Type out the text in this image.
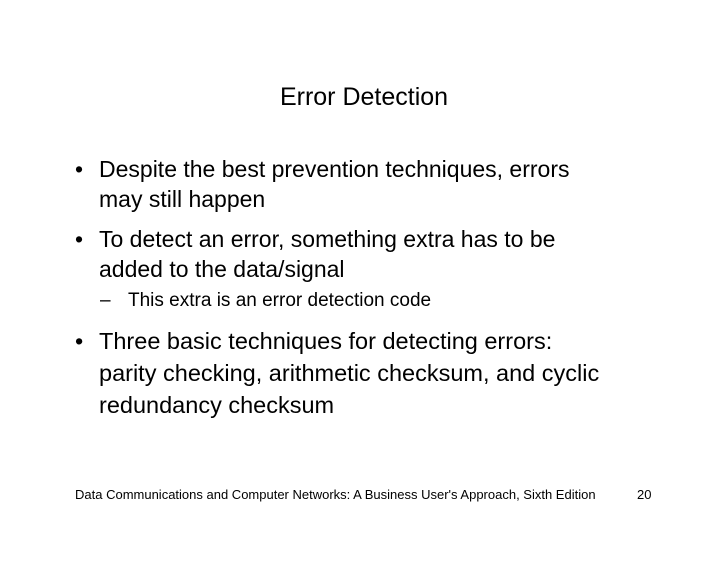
Error Detection
• Despite the best prevention techniques, errors
may still happen
• To detect an error, something extra has to be
added to the data/signal
– This extra is an error detection code
• Three basic techniques for detecting errors:
parity checking, arithmetic checksum, and cyclic
redundancy checksum
Data Communications and Computer Networks: A Business User's Approach, Sixth Edition	20
